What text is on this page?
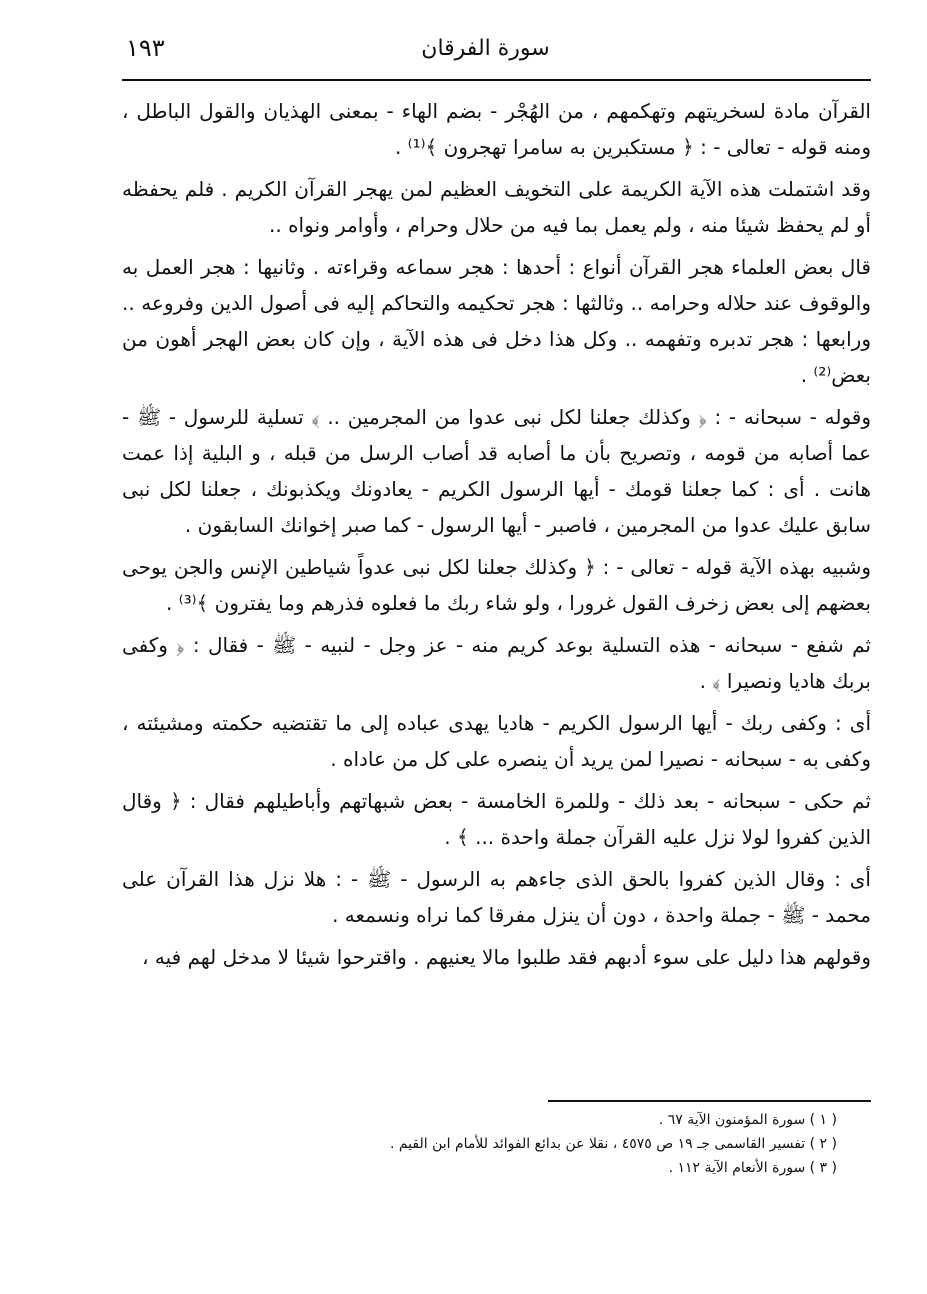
١٩٣	سورة الفرقان

القرآن مادة لسخريتهم وتهكمهم ، من الهُجْر - بضم الهاء - بمعنى الهذيان والقول الباطل ، ومنه قوله - تعالى - : ﴿ مستكبرين به سامرا تهجرون ﴾⁽¹⁾ .

وقد اشتملت هذه الآية الكريمة على التخويف العظيم لمن يهجر القرآن الكريم . فلم يحفظه أو لم يحفظ شيئا منه ، ولم يعمل بما فيه من حلال وحرام ، وأوامر ونواه ..

قال بعض العلماء هجر القرآن أنواع : أحدها : هجر سماعه وقراءته . وثانيها : هجر العمل به والوقوف عند حلاله وحرامه .. وثالثها : هجر تحكيمه والتحاكم إليه فى أصول الدين وفروعه .. ورابعها : هجر تدبره وتفهمه .. وكل هذا دخل فى هذه الآية ، وإن كان بعض الهجر أهون من بعض⁽²⁾ .

وقوله - سبحانه - : ﴿ وكذلك جعلنا لكل نبى عدوا من المجرمين .. ﴾ تسلية للرسول - ﷺ - عما أصابه من قومه ، وتصريح بأن ما أصابه قد أصاب الرسل من قبله ، و البلية إذا عمت هانت . أى : كما جعلنا قومك - أيها الرسول الكريم - يعادونك ويكذبونك ، جعلنا لكل نبى سابق عليك عدوا من المجرمين ، فاصبر - أيها الرسول - كما صبر إخوانك السابقون .

وشبيه بهذه الآية قوله - تعالى - : ﴿ وكذلك جعلنا لكل نبى عدواً شياطين الإنس والجن يوحى بعضهم إلى بعض زخرف القول غرورا ، ولو شاء ربك ما فعلوه فذرهم وما يفترون ﴾⁽³⁾ .

ثم شفع - سبحانه - هذه التسلية بوعد كريم منه - عز وجل - لنبيه - ﷺ - فقال : ﴿ وكفى بربك هاديا ونصيرا ﴾ .

أى : وكفى ربك - أيها الرسول الكريم - هاديا يهدى عباده إلى ما تقتضيه حكمته ومشيئته ، وكفى به - سبحانه - نصيرا لمن يريد أن ينصره على كل من عاداه .

ثم حكى - سبحانه - بعد ذلك - وللمرة الخامسة - بعض شبهاتهم وأباطيلهم فقال : ﴿ وقال الذين كفروا لولا نزل عليه القرآن جملة واحدة ... ﴾ .

أى : وقال الذين كفروا بالحق الذى جاءهم به الرسول - ﷺ - : هلا نزل هذا القرآن على محمد - ﷺ - جملة واحدة ، دون أن ينزل مفرقا كما نراه ونسمعه .

وقولهم هذا دليل على سوء أدبهم فقد طلبوا مالا يعنيهم . واقترحوا شيئا لا مدخل لهم فيه ،

( ١ ) سورة المؤمنون الآية ٦٧ .

( ٢ ) تفسير القاسمى جـ ١٩ ص ٤٥٧٥ ، نقلا عن بدائع الفوائد للأمام ابن القيم .

( ٣ ) سورة الأنعام الآية ١١٢ .
